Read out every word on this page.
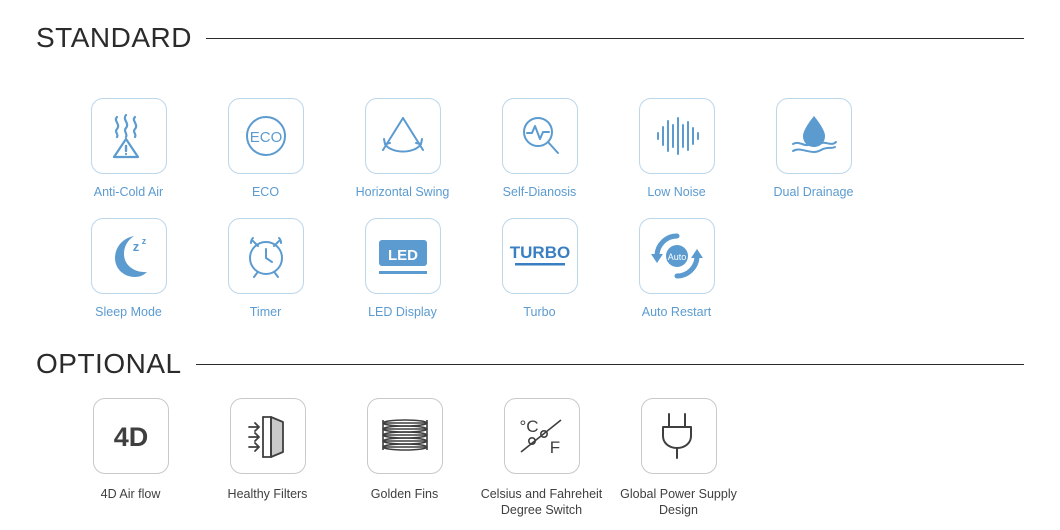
STANDARD
Anti-Cold Air
ECO
ECO	Horizontal Swing	Self-Dianosis	Low Noise	Dual Drainage
z z
Sleep Mode	Timer
LED
LED Display
TURBO
Turbo
Auto
Auto Restart
OPTIONAL
4D
4D Air flow	Healthy Filters	Golden Fins
°C
F
Celsius and Fahreheit Degree Switch
Global Power Supply Design
